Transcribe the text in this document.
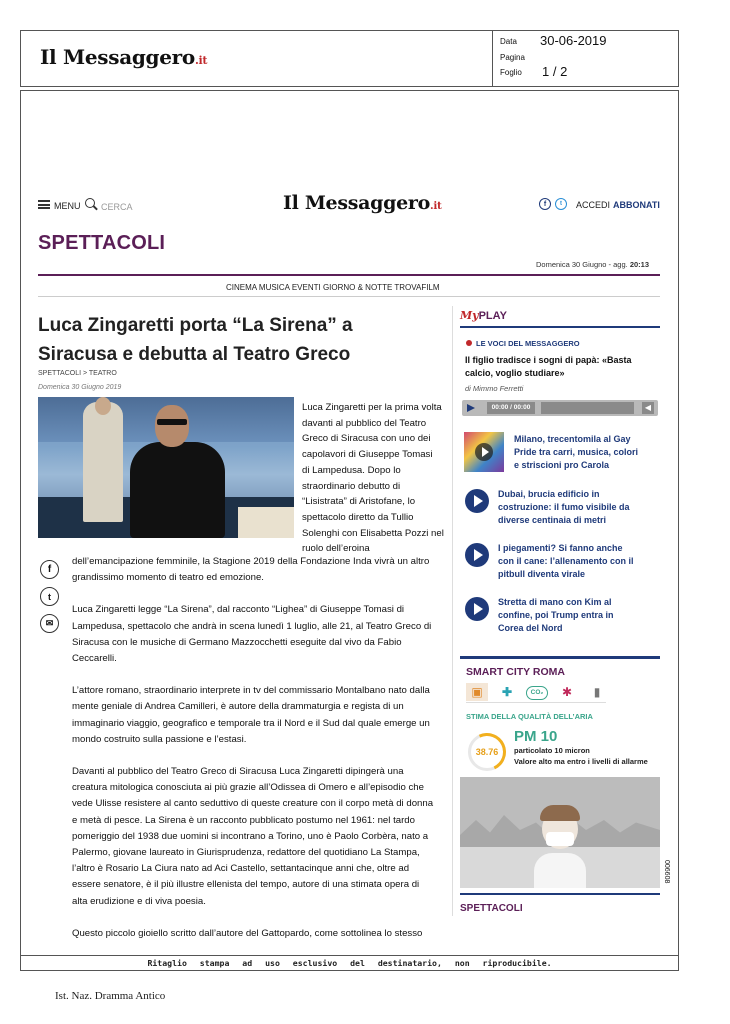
Il Messaggero.it
Data 30-06-2019
Pagina
Foglio 1 / 2
MENU CERCA	Il Messaggero.it	f	t	ACCEDI ABBONATI
SPETTACOLI
Domenica 30 Giugno - agg. 20:13
CINEMA MUSICA EVENTI GIORNO & NOTTE TROVAFILM
Luca Zingaretti porta “La Sirena” a
Siracusa e debutta al Teatro Greco
SPETTACOLI > TEATRO
Domenica 30 Giugno 2019
Luca Zingaretti per la prima volta
davanti al pubblico del Teatro
Greco di Siracusa con uno dei
capolavori di Giuseppe Tomasi
di Lampedusa. Dopo lo
straordinario debutto di
“Lisistrata” di Aristofane, lo
spettacolo diretto da Tullio
Solenghi con Elisabetta Pozzi nel
ruolo dell’eroina
f
t
✉
dell’emancipazione femminile, la Stagione 2019 della Fondazione Inda vivrà un altro
grandissimo momento di teatro ed emozione.
Luca Zingaretti legge “La Sirena”, dal racconto “Lighea” di Giuseppe Tomasi di
Lampedusa, spettacolo che andrà in scena lunedì 1 luglio, alle 21, al Teatro Greco di
Siracusa con le musiche di Germano Mazzocchetti eseguite dal vivo da Fabio
Ceccarelli.
L’attore romano, straordinario interprete in tv del commissario Montalbano nato dalla
mente geniale di Andrea Camilleri, è autore della drammaturgia e regista di un
immaginario viaggio, geografico e temporale tra il Nord e il Sud dal quale emerge un
mondo costruito sulla passione e l’estasi.
Davanti al pubblico del Teatro Greco di Siracusa Luca Zingaretti dipingerà una
creatura mitologica conosciuta ai più grazie all’Odissea di Omero e all’episodio che
vede Ulisse resistere al canto seduttivo di queste creature con il corpo metà di donna
e metà di pesce. La Sirena è un racconto pubblicato postumo nel 1961: nel tardo
pomeriggio del 1938 due uomini si incontrano a Torino, uno è Paolo Corbèra, nato a
Palermo, giovane laureato in Giurisprudenza, redattore del quotidiano La Stampa,
l’altro è Rosario La Ciura nato ad Aci Castello, settantacinque anni che, oltre ad
essere senatore, è il più illustre ellenista del tempo, autore di una stimata opera di
alta erudizione e di viva poesia.
Questo piccolo gioiello scritto dall’autore del Gattopardo, come sottolinea lo stesso
MyPLAY
LE VOCI DEL MESSAGGERO
Il figlio tradisce i sogni di papà: «Basta
calcio, voglio studiare»
di Mimmo Ferretti
00:00 / 00:00	◀
Milano, trecentomila al Gay
Pride tra carri, musica, colori
e striscioni pro Carola
Dubai, brucia edificio in
costruzione: il fumo visibile da
diverse centinaia di metri
I piegamenti? Si fanno anche
con il cane: l’allenamento con il
pitbull diventa virale
Stretta di mano con Kim al
confine, poi Trump entra in
Corea del Nord
SMART CITY ROMA
▣	✚	CO₂	✱	▮
STIMA DELLA QUALITÀ DELL’ARIA
38.76
PM 10
particolato 10 micron
Valore alto ma entro i livelli di allarme
SPETTACOLI
006608
Ritaglio stampa ad uso esclusivo del destinatario, non riproducibile.
Ist. Naz. Dramma Antico
